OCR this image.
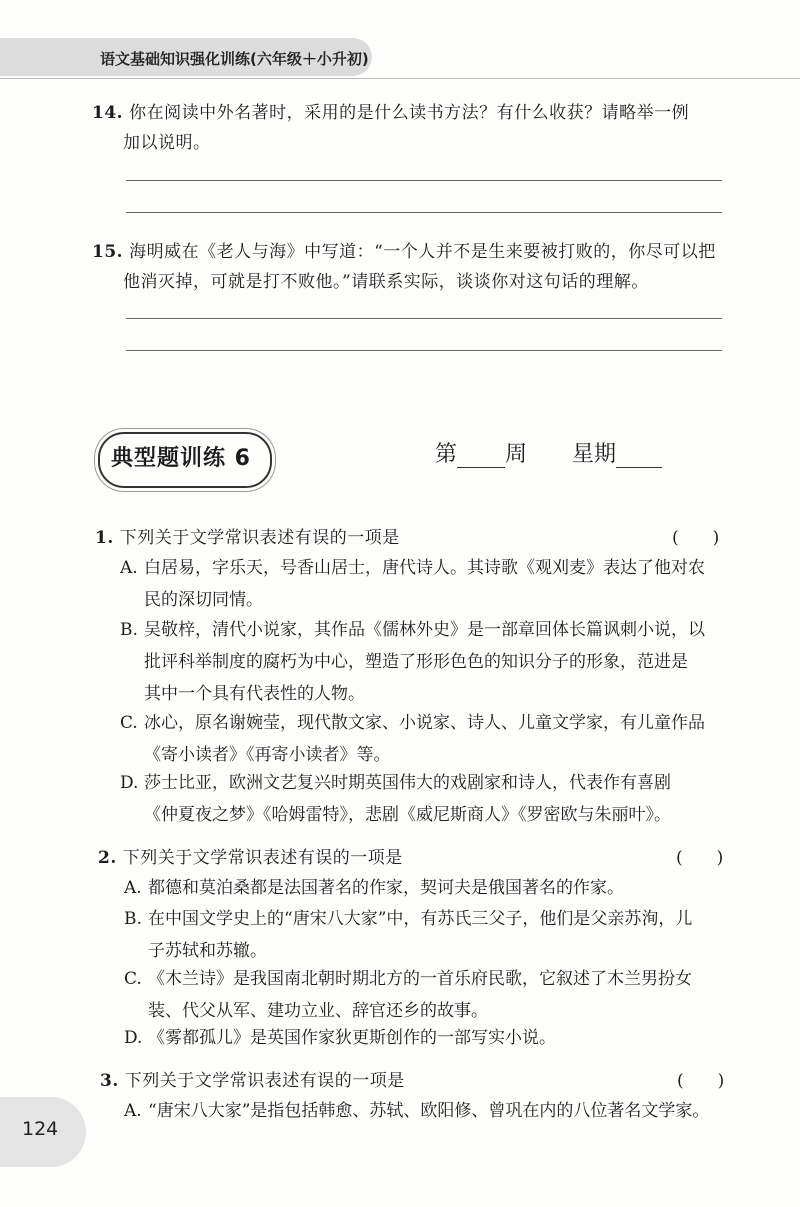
语文基础知识强化训练(六年级＋小升初)
14. 你在阅读中外名著时，采用的是什么读书方法？有什么收获？请略举一例
加以说明。
15. 海明威在《老人与海》中写道：“一个人并不是生来要被打败的，你尽可以把
他消灭掉，可就是打不败他。”请联系实际，谈谈你对这句话的理解。
典型题训练 6	第 周 星期
1. 下列关于文学常识表述有误的一项是	(　　)
A. 白居易，字乐天，号香山居士，唐代诗人。其诗歌《观刈麦》表达了他对农
民的深切同情。
B. 吴敬梓，清代小说家，其作品《儒林外史》是一部章回体长篇讽刺小说，以
批评科举制度的腐朽为中心，塑造了形形色色的知识分子的形象，范进是
其中一个具有代表性的人物。
C. 冰心，原名谢婉莹，现代散文家、小说家、诗人、儿童文学家，有儿童作品
《寄小读者》《再寄小读者》等。
D. 莎士比亚，欧洲文艺复兴时期英国伟大的戏剧家和诗人，代表作有喜剧
《仲夏夜之梦》《哈姆雷特》，悲剧《威尼斯商人》《罗密欧与朱丽叶》。
2. 下列关于文学常识表述有误的一项是	(　　)
A. 都德和莫泊桑都是法国著名的作家，契诃夫是俄国著名的作家。
B. 在中国文学史上的“唐宋八大家”中，有苏氏三父子，他们是父亲苏洵，儿
子苏轼和苏辙。
C. 《木兰诗》是我国南北朝时期北方的一首乐府民歌，它叙述了木兰男扮女
装、代父从军、建功立业、辞官还乡的故事。
D. 《雾都孤儿》是英国作家狄更斯创作的一部写实小说。
3. 下列关于文学常识表述有误的一项是	(　　)
A. “唐宋八大家”是指包括韩愈、苏轼、欧阳修、曾巩在内的八位著名文学家。
124
